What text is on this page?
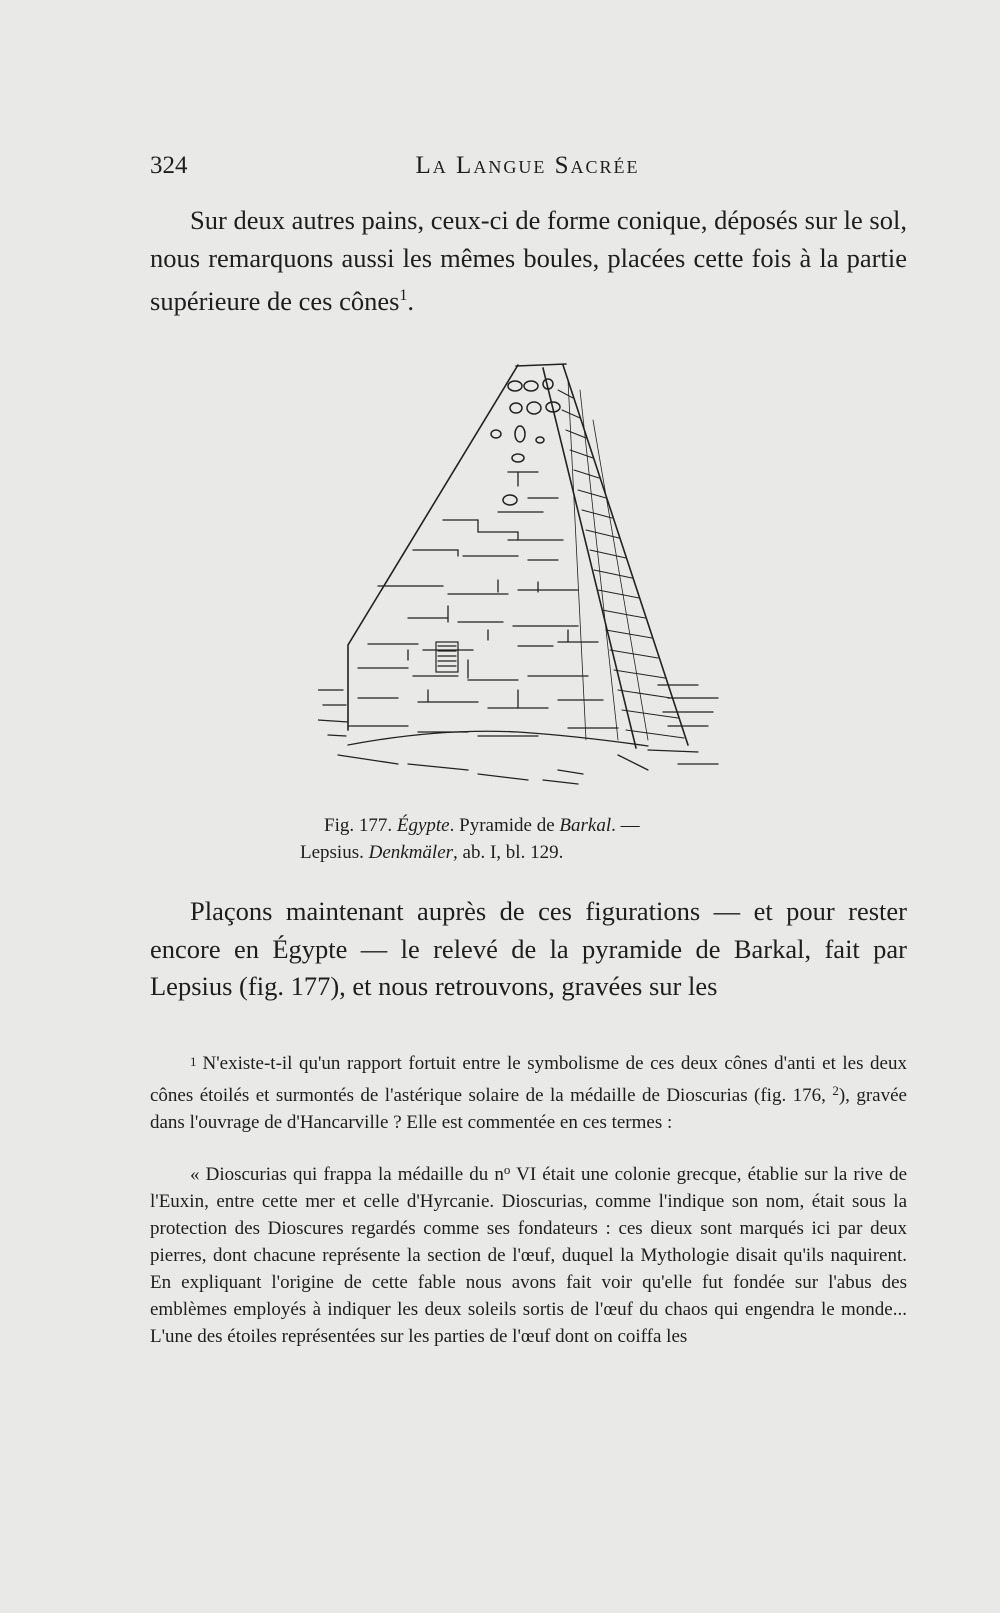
324	La Langue Sacrée

Sur deux autres pains, ceux-ci de forme conique, déposés sur le sol, nous remarquons aussi les mêmes boules, placées cette fois à la partie supérieure de ces cônes$^1$.

Fig. 177. Égypte. Pyramide de Barkal. —
Lepsius. Denkmäler, ab. I, bl. 129.

Plaçons maintenant auprès de ces figurations — et pour rester encore en Égypte — le relevé de la pyramide de Barkal, fait par Lepsius (fig. 177), et nous retrouvons, gravées sur les

1 N'existe-t-il qu'un rapport fortuit entre le symbolisme de ces deux cônes d'anti et les deux cônes étoilés et surmontés de l'astérique solaire de la médaille de Dioscurias (fig. 176, $^2$), gravée dans l'ouvrage de d'Hancarville ? Elle est commentée en ces termes :

« Dioscurias qui frappa la médaille du $n^o$ VI était une colonie grecque, établie sur la rive de l'Euxin, entre cette mer et celle d'Hyrcanie. Dioscurias, comme l'indique son nom, était sous la protection des Dioscures regardés comme ses fondateurs : ces dieux sont marqués ici par deux pierres, dont chacune représente la section de l'œuf, duquel la Mythologie disait qu'ils naquirent. En expliquant l'origine de cette fable nous avons fait voir qu'elle fut fondée sur l'abus des emblèmes employés à indiquer les deux soleils sortis de l'œuf du chaos qui engendra le monde... L'une des étoiles représentées sur les parties de l'œuf dont on coiffa les
